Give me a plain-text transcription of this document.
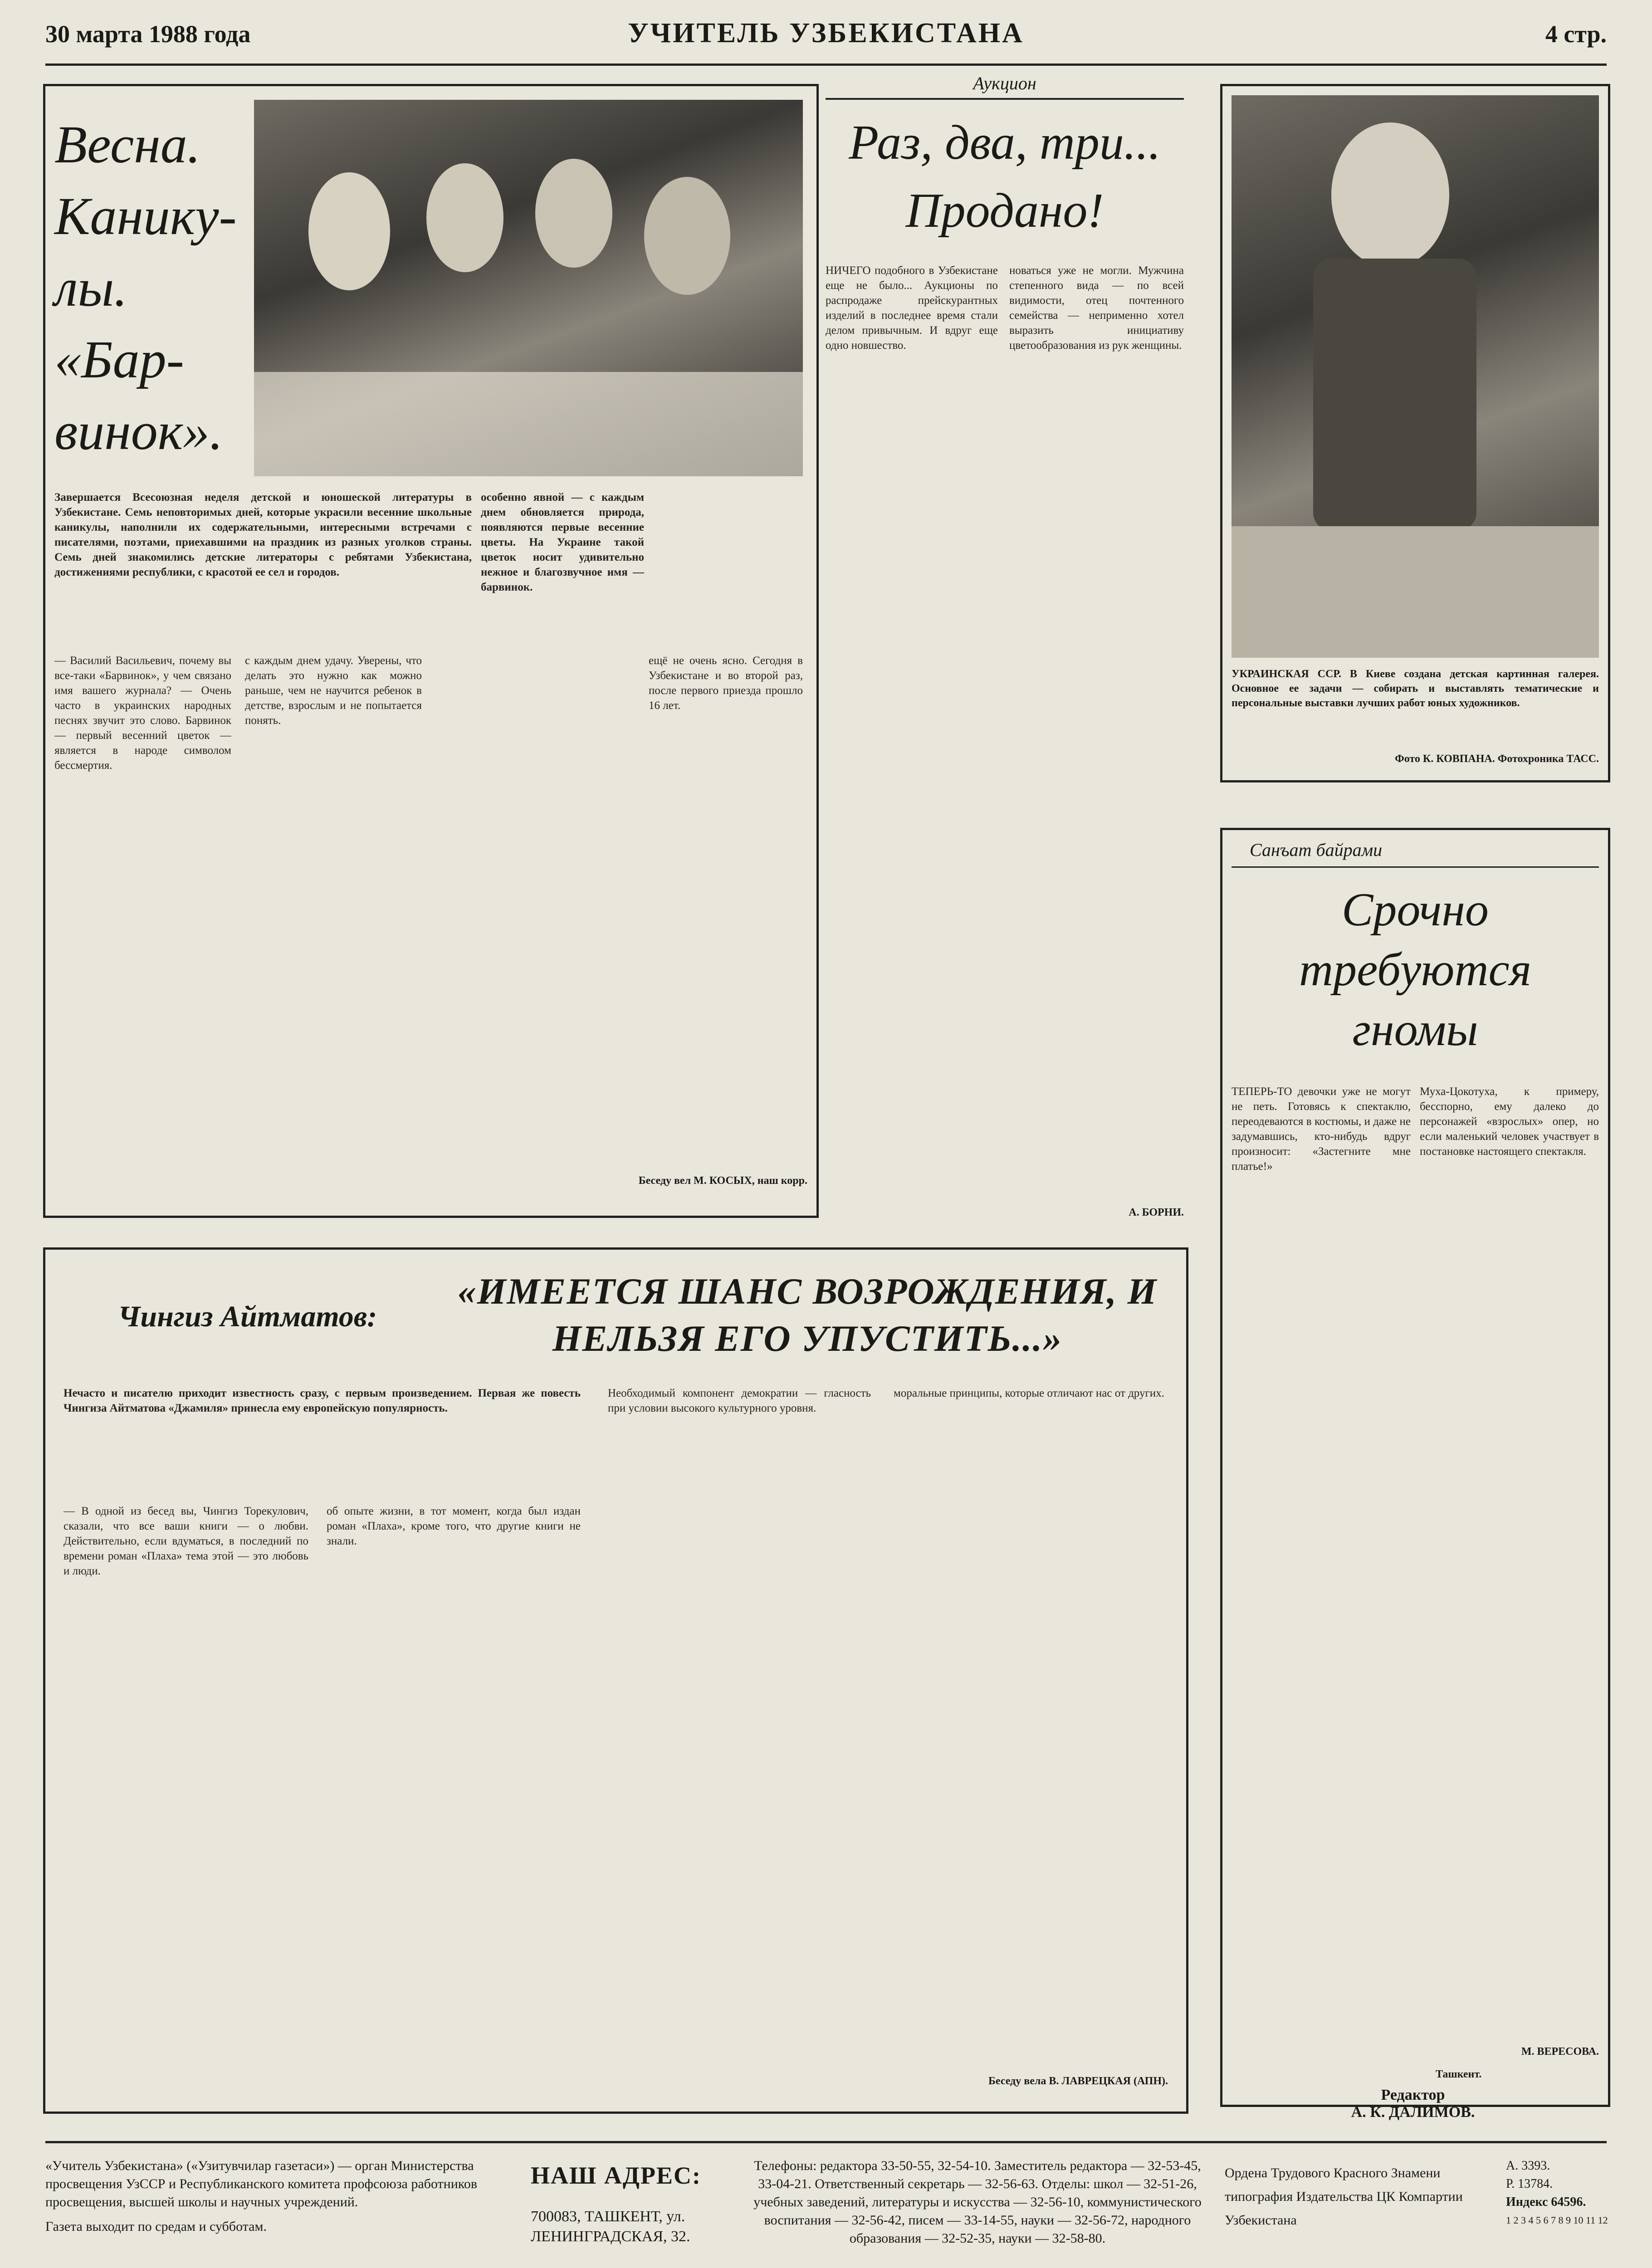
30 марта 1988 года	УЧИТЕЛЬ УЗБЕКИСТАНА	4 стр.
Весна. Канику-лы. «Бар-винок».
Завершается Всесоюзная неделя детской и юношеской литературы в Узбекистане. Семь неповторимых дней, которые украсили весенние школьные каникулы, наполнили их содержательными, интересными встречами с писателями, поэтами, приехавшими на праздник из разных уголков страны. Семь дней знакомились детские литераторы с ребятами Узбекистана, достижениями республики, с красотой ее сел и городов.
— Василий Васильевич, почему вы все-таки «Барвинок», у чем связано имя вашего журнала? — Очень часто в украинских народных песнях звучит это слово. Барвинок — первый весенний цветок — является в народе символом бессмертия.
с каждым днем удачу. Уверены, что делать это нужно как можно раньше, чем не научится ребенок в детстве, взрослым и не попытается понять.
особенно явной — с каждым днем обновляется природа, появляются первые весенние цветы. На Украине такой цветок носит удивительно нежное и благозвучное имя — барвинок.
ещё не очень ясно. Сегодня в Узбекистане и во второй раз, после первого приезда прошло 16 лет.
Беседу вел М. КОСЫХ, наш корр.
Аукцион
Раз, два, три... Продано!
НИЧЕГО подобного в Узбекистане еще не было... Аукционы по распродаже прейскурантных изделий в последнее время стали делом привычным. И вдруг еще одно новшество.
новаться уже не могли. Мужчина степенного вида — по всей видимости, отец почтенного семейства — неприменно хотел выразить инициативу цветообразования из рук женщины.
А. БОРНИ.
УКРАИНСКАЯ ССР. В Киеве создана детская картинная галерея. Основное ее задачи — собирать и выставлять тематические и персональные выставки лучших работ юных художников.
Фото К. КОВПАНА. Фотохроника ТАСС.
Санъат байрами
Срочно требуются гномы
ТЕПЕРЬ-ТО девочки уже не могут не петь. Готовясь к спектаклю, переодеваются в костюмы, и даже не задумавшись, кто-нибудь вдруг произносит: «Застегните мне платье!»
Муха-Цокотуха, к примеру, бесспорно, ему далеко до персонажей «взрослых» опер, но если маленький человек участвует в постановке настоящего спектакля.
М. ВЕРЕСОВА.
Ташкент.
Редактор
А. К. ДАЛИМОВ.
Чингиз Айтматов:
«ИМЕЕТСЯ ШАНС ВОЗРОЖДЕНИЯ, И НЕЛЬЗЯ ЕГО УПУСТИТЬ...»
Нечасто и писателю приходит известность сразу, с первым произведением. Первая же повесть Чингиза Айтматова «Джамиля» принесла ему европейскую популярность.
— В одной из бесед вы, Чингиз Торекулович, сказали, что все ваши книги — о любви. Действительно, если вдуматься, в последний по времени роман «Плаха» тема этой — это любовь и люди.
об опыте жизни, в тот момент, когда был издан роман «Плаха», кроме того, что другие книги не знали.
Необходимый компонент демократии — гласность при условии высокого культурного уровня.
моральные принципы, которые отличают нас от других.
Беседу вела В. ЛАВРЕЦКАЯ (АПН).
«Учитель Узбекистана» («Узитувчилар газетаси») — орган Министерства просвещения УзССР и Республиканского комитета профсоюза работников просвещения, высшей школы и научных учреждений.
Газета выходит по средам и субботам.
НАШ АДРЕС:
700083, ТАШКЕНТ, ул. ЛЕНИНГРАДСКАЯ, 32.
Телефоны: редактора 33-50-55, 32-54-10. Заместитель редактора — 32-53-45, 33-04-21. Ответственный секретарь — 32-56-63. Отделы: школ — 32-51-26, учебных заведений, литературы и искусства — 32-56-10, коммунистического воспитания — 32-56-42, писем — 33-14-55, науки — 32-56-72, народного образования — 32-52-35, науки — 32-58-80.
Ордена Трудового Красного Знамени типография Издательства ЦК Компартии Узбекистана
А. 3393.
Р. 13784.
Индекс 64596.
1 2 3 4 5 6 7 8 9 10 11 12
